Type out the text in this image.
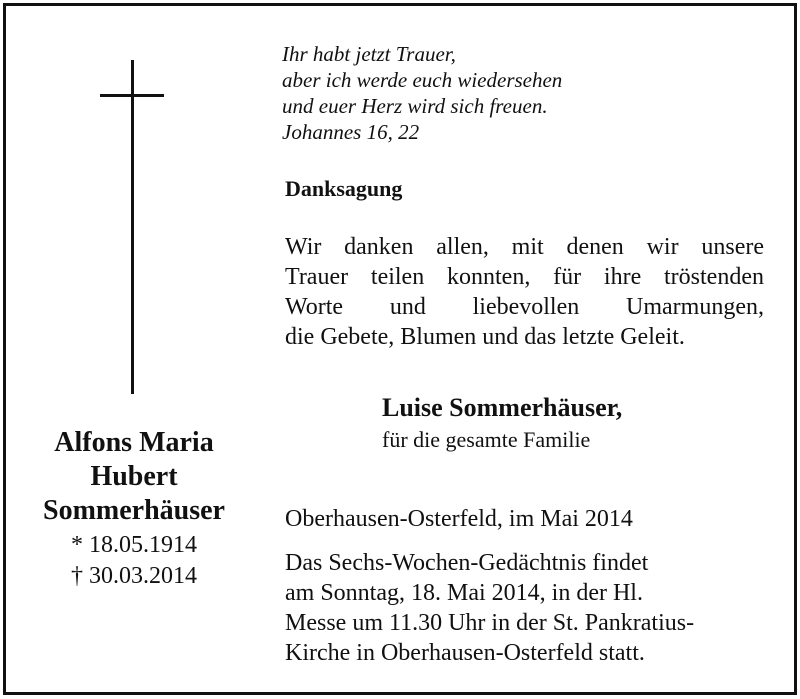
Alfons Maria
Hubert
Sommerhäuser
* 18.05.1914
† 30.03.2014
Ihr habt jetzt Trauer,
aber ich werde euch wiedersehen
und euer Herz wird sich freuen.
Johannes 16, 22
Danksagung
Wir danken allen, mit denen wir unsere
Trauer teilen konnten, für ihre tröstenden
Worte und liebevollen Umarmungen,
die Gebete, Blumen und das letzte Geleit.
Luise Sommerhäuser,
für die gesamte Familie
Oberhausen-Osterfeld, im Mai 2014
Das Sechs-Wochen-Gedächtnis findet
am Sonntag, 18. Mai 2014, in der Hl.
Messe um 11.30 Uhr in der St. Pankratius-
Kirche in Oberhausen-Osterfeld statt.
